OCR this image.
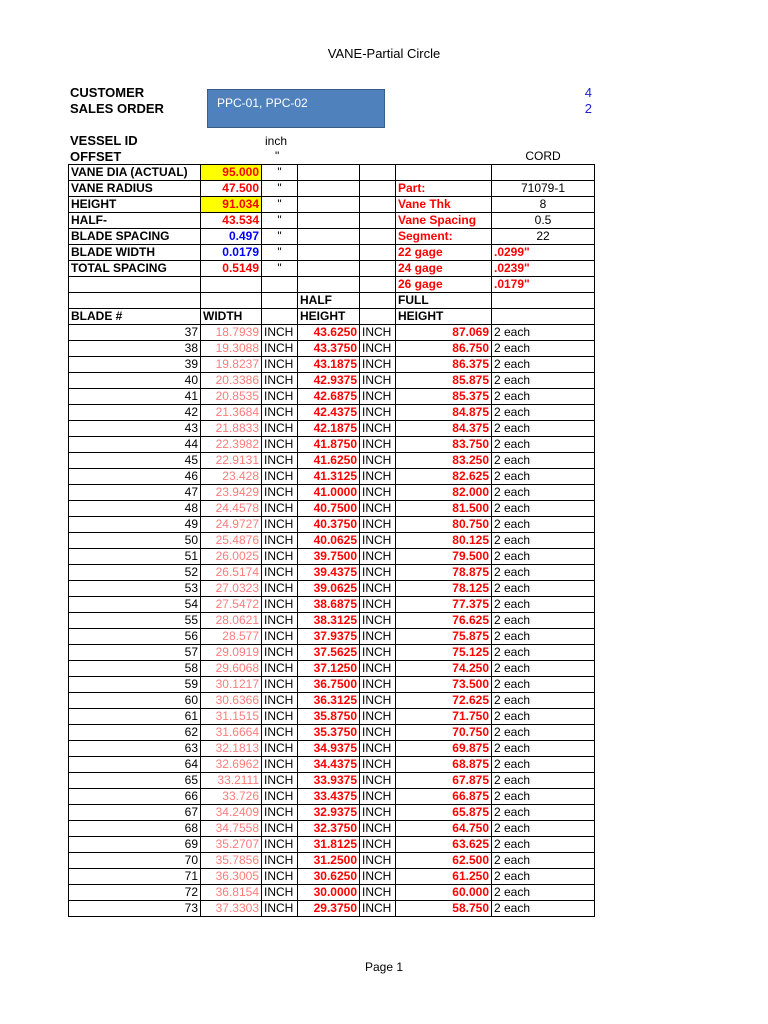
VANE-Partial Circle
CUSTOMER
SALES ORDER
4
2
PPC-01, PPC-02
VESSEL ID
OFFSET
inch
"	CORD
VANE DIA (ACTUAL)	95.000	"				
VANE RADIUS	47.500	"			Part:	71079-1
HEIGHT	91.034	"			Vane Thk	8
HALF-	43.534	"			Vane Spacing	0.5
BLADE SPACING	0.497	"			Segment:	22
BLADE WIDTH	0.0179	"			22 gage	.0299"
TOTAL SPACING	0.5149	"			24 gage	.0239"
					26 gage	.0179"
			HALF		FULL	
BLADE #	WIDTH		HEIGHT		HEIGHT	
37	18.7939	INCH	43.6250	INCH	87.069	2 each
38	19.3088	INCH	43.3750	INCH	86.750	2 each
39	19.8237	INCH	43.1875	INCH	86.375	2 each
40	20.3386	INCH	42.9375	INCH	85.875	2 each
41	20.8535	INCH	42.6875	INCH	85.375	2 each
42	21.3684	INCH	42.4375	INCH	84.875	2 each
43	21.8833	INCH	42.1875	INCH	84.375	2 each
44	22.3982	INCH	41.8750	INCH	83.750	2 each
45	22.9131	INCH	41.6250	INCH	83.250	2 each
46	23.428	INCH	41.3125	INCH	82.625	2 each
47	23.9429	INCH	41.0000	INCH	82.000	2 each
48	24.4578	INCH	40.7500	INCH	81.500	2 each
49	24.9727	INCH	40.3750	INCH	80.750	2 each
50	25.4876	INCH	40.0625	INCH	80.125	2 each
51	26.0025	INCH	39.7500	INCH	79.500	2 each
52	26.5174	INCH	39.4375	INCH	78.875	2 each
53	27.0323	INCH	39.0625	INCH	78.125	2 each
54	27.5472	INCH	38.6875	INCH	77.375	2 each
55	28.0621	INCH	38.3125	INCH	76.625	2 each
56	28.577	INCH	37.9375	INCH	75.875	2 each
57	29.0919	INCH	37.5625	INCH	75.125	2 each
58	29.6068	INCH	37.1250	INCH	74.250	2 each
59	30.1217	INCH	36.7500	INCH	73.500	2 each
60	30.6366	INCH	36.3125	INCH	72.625	2 each
61	31.1515	INCH	35.8750	INCH	71.750	2 each
62	31.6664	INCH	35.3750	INCH	70.750	2 each
63	32.1813	INCH	34.9375	INCH	69.875	2 each
64	32.6962	INCH	34.4375	INCH	68.875	2 each
65	33.2111	INCH	33.9375	INCH	67.875	2 each
66	33.726	INCH	33.4375	INCH	66.875	2 each
67	34.2409	INCH	32.9375	INCH	65.875	2 each
68	34.7558	INCH	32.3750	INCH	64.750	2 each
69	35.2707	INCH	31.8125	INCH	63.625	2 each
70	35.7856	INCH	31.2500	INCH	62.500	2 each
71	36.3005	INCH	30.6250	INCH	61.250	2 each
72	36.8154	INCH	30.0000	INCH	60.000	2 each
73	37.3303	INCH	29.3750	INCH	58.750	2 each
Page 1
